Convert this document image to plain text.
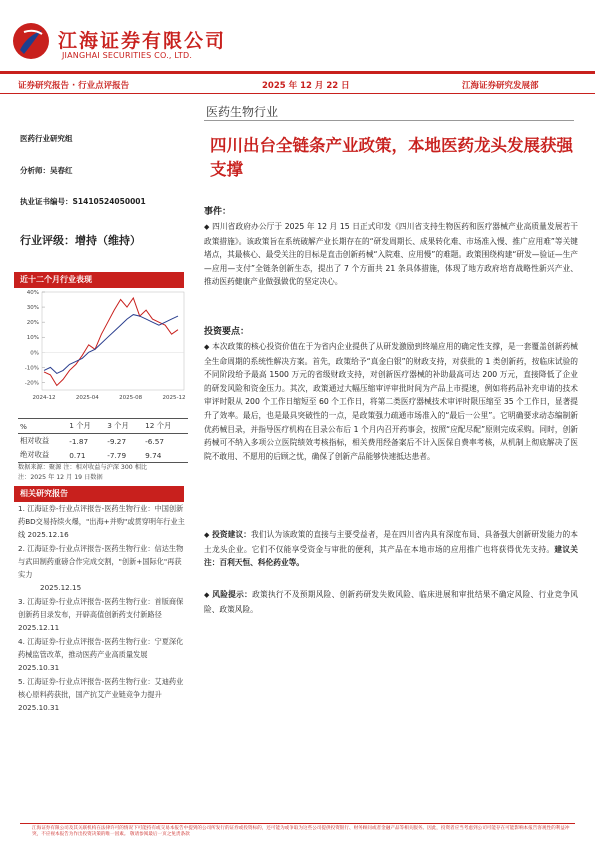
江海证券有限公司
JIANGHAI SECURITIES CO., LTD.
证券研究报告 · 行业点评报告	2025 年 12 月 22 日	江海证券研究发展部
医药生物行业
四川出台全链条产业政策，本地医药龙头发展获强支撑
医药行业研究组
分析师：吴春红
执业证书编号：S1410524050001
行业评级：增持（维持）
近十二个月行业表现
40%
30%
20%
10%
0%
-10%
-20%
2024-12	2025-04	2025-08	2025-12
%	1 个月	3 个月	12 个月
相对收益	-1.87	-9.27	-6.57
绝对收益	0.71	-7.79	9.74
数据来源：聚源 注：相对收益与沪深 300 相比
注：2025 年 12 月 19 日数据
相关研究报告
1. 江海证券-行业点评报告-医药生物行业：中国创新药BD交易持续火爆，"出海+并购"或贯穿明年行业主线 2025.12.16
2. 江海证券-行业点评报告-医药生物行业：信达生物与武田制药重磅合作完成交割，"创新+国际化"再获实力
2025.12.15
3. 江海证券-行业点评报告-医药生物行业：首版商保创新药目录发布，开辟高值创新药支付新路径 2025.12.11
4. 江海证券-行业点评报告-医药生物行业：宁夏深化药械监管改革，推动医药产业高质量发展 2025.10.31
5. 江海证券-行业点评报告-医药生物行业：艾迪药业核心原料药获批，国产抗艾产业链竞争力提升 2025.10.31
事件：
◆ 四川省政府办公厅于 2025 年 12 月 15 日正式印发《四川省支持生物医药和医疗器械产业高质量发展若干政策措施》。该政策旨在系统破解产业长期存在的“研发周期长、成果转化难、市场准入慢、推广应用难”等关键堵点，其最核心、最受关注的目标是直击创新药械“入院难、应用慢”的难题。政策围绕构建“研发—验证—生产—应用—支付”全链条创新生态，提出了 7 个方面共 21 条具体措施，体现了地方政府培育战略性新兴产业、推动医药健康产业做强做优的坚定决心。
投资要点：
◆ 本次政策的核心投资价值在于为省内企业提供了从研发激励到终端应用的确定性支撑，是一套覆盖创新药械全生命周期的系统性解决方案。首先，政策给予“真金白银”的财政支持，对获批的 1 类创新药，按临床试验的不同阶段给予最高 1500 万元的省级财政支持，对创新医疗器械的补助最高可达 200 万元，直接降低了企业的研发风险和资金压力。其次，政策通过大幅压缩审评审批时间为产品上市提速，例如将药品补充申请的技术审评时限从 200 个工作日缩短至 60 个工作日，将第二类医疗器械技术审评时限压缩至 35 个工作日，显著提升了效率。最后，也是最具突破性的一点，是政策强力疏通市场准入的“最后一公里”。它明确要求动态编制新优药械目录，并指导医疗机构在目录公布后 1 个月内召开药事会，按照“应配尽配”原则完成采购。同时，创新药械可不纳入多项公立医院绩效考核指标，相关费用经备案后不计入医保自费率考核，从机制上彻底解决了医院不敢用、不愿用的后顾之忧，确保了创新产品能够快速抵达患者。
◆ 投资建议：我们认为该政策的直接与主要受益者，是在四川省内具有深度布局、具备强大创新研发能力的本土龙头企业。它们不仅能享受资金与审批的便利，其产品在本地市场的应用推广也将获得优先支持。建议关注：百利天恒、科伦药业等。
◆ 风险提示：政策执行不及预期风险、创新药研发失败风险、临床进展和审批结果不确定风险、行业竞争风险、政策风险。
江海证券有限公司及其关联机构在法律许可的情况下可能持有或交易本报告中提到的公司所发行的证券或投资标的，还可能为或争取为这些公司提供投资银行、财务顾问或者金融产品等相关服务。因此，投资者应当考虑到公司可能存在可能影响本报告客观性的利益冲突，不应视本报告为作出投资决策的唯一因素。 敬请参阅最后一页之免责条款
